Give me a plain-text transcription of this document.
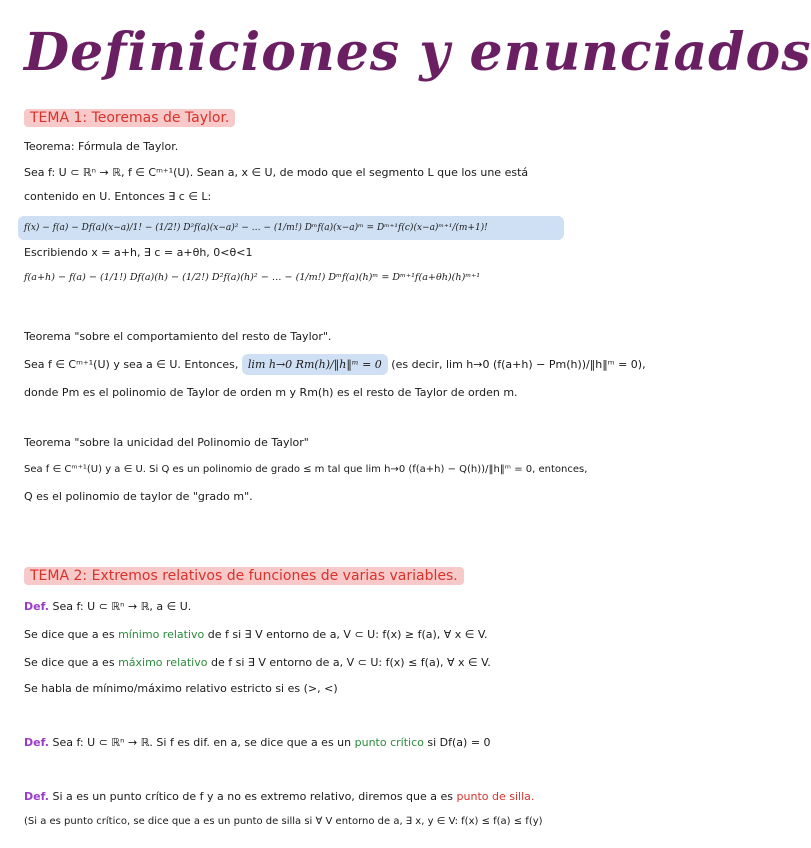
Definiciones y enunciados
TEMA 1: Teoremas de Taylor.
Teorema: Fórmula de Taylor.
Sea f: U ⊂ ℝⁿ → ℝ, f ∈ Cᵐ⁺¹(U). Sean a, x ∈ U, de modo que el segmento L que los une está
contenido en U. Entonces ∃ c ∈ L:
f(x) − f(a) − Df(a)(x−a)/1! − (1/2!) D²f(a)(x−a)² − … − (1/m!) Dᵐf(a)(x−a)ᵐ = Dᵐ⁺¹f(c)(x−a)ᵐ⁺¹/(m+1)!
Escribiendo x = a+h, ∃ c = a+θh, 0<θ<1
f(a+h) − f(a) − (1/1!) Df(a)(h) − (1/2!) D²f(a)(h)² − … − (1/m!) Dᵐf(a)(h)ᵐ = Dᵐ⁺¹f(a+θh)(h)ᵐ⁺¹
Teorema "sobre el comportamiento del resto de Taylor".
Sea f ∈ Cᵐ⁺¹(U) y sea a ∈ U. Entonces, lim h→0 Rm(h)/‖h‖ᵐ = 0 (es decir, lim h→0 (f(a+h) − Pm(h))/‖h‖ᵐ = 0),
donde Pm es el polinomio de Taylor de orden m y Rm(h) es el resto de Taylor de orden m.
Teorema "sobre la unicidad del Polinomio de Taylor"
Sea f ∈ Cᵐ⁺¹(U) y a ∈ U. Si Q es un polinomio de grado ≤ m tal que lim h→0 (f(a+h) − Q(h))/‖h‖ᵐ = 0, entonces,
Q es el polinomio de taylor de "grado m".
TEMA 2: Extremos relativos de funciones de varias variables.
Def. Sea f: U ⊂ ℝⁿ → ℝ, a ∈ U.
Se dice que a es mínimo relativo de f si ∃ V entorno de a, V ⊂ U: f(x) ≥ f(a), ∀ x ∈ V.
Se dice que a es máximo relativo de f si ∃ V entorno de a, V ⊂ U: f(x) ≤ f(a), ∀ x ∈ V.
Se habla de mínimo/máximo relativo estricto si es (>, <)
Def. Sea f: U ⊂ ℝⁿ → ℝ. Si f es dif. en a, se dice que a es un punto crítico si Df(a) = 0
Def. Si a es un punto crítico de f y a no es extremo relativo, diremos que a es punto de silla.
(Si a es punto crítico, se dice que a es un punto de silla si ∀ V entorno de a, ∃ x, y ∈ V: f(x) ≤ f(a) ≤ f(y)
